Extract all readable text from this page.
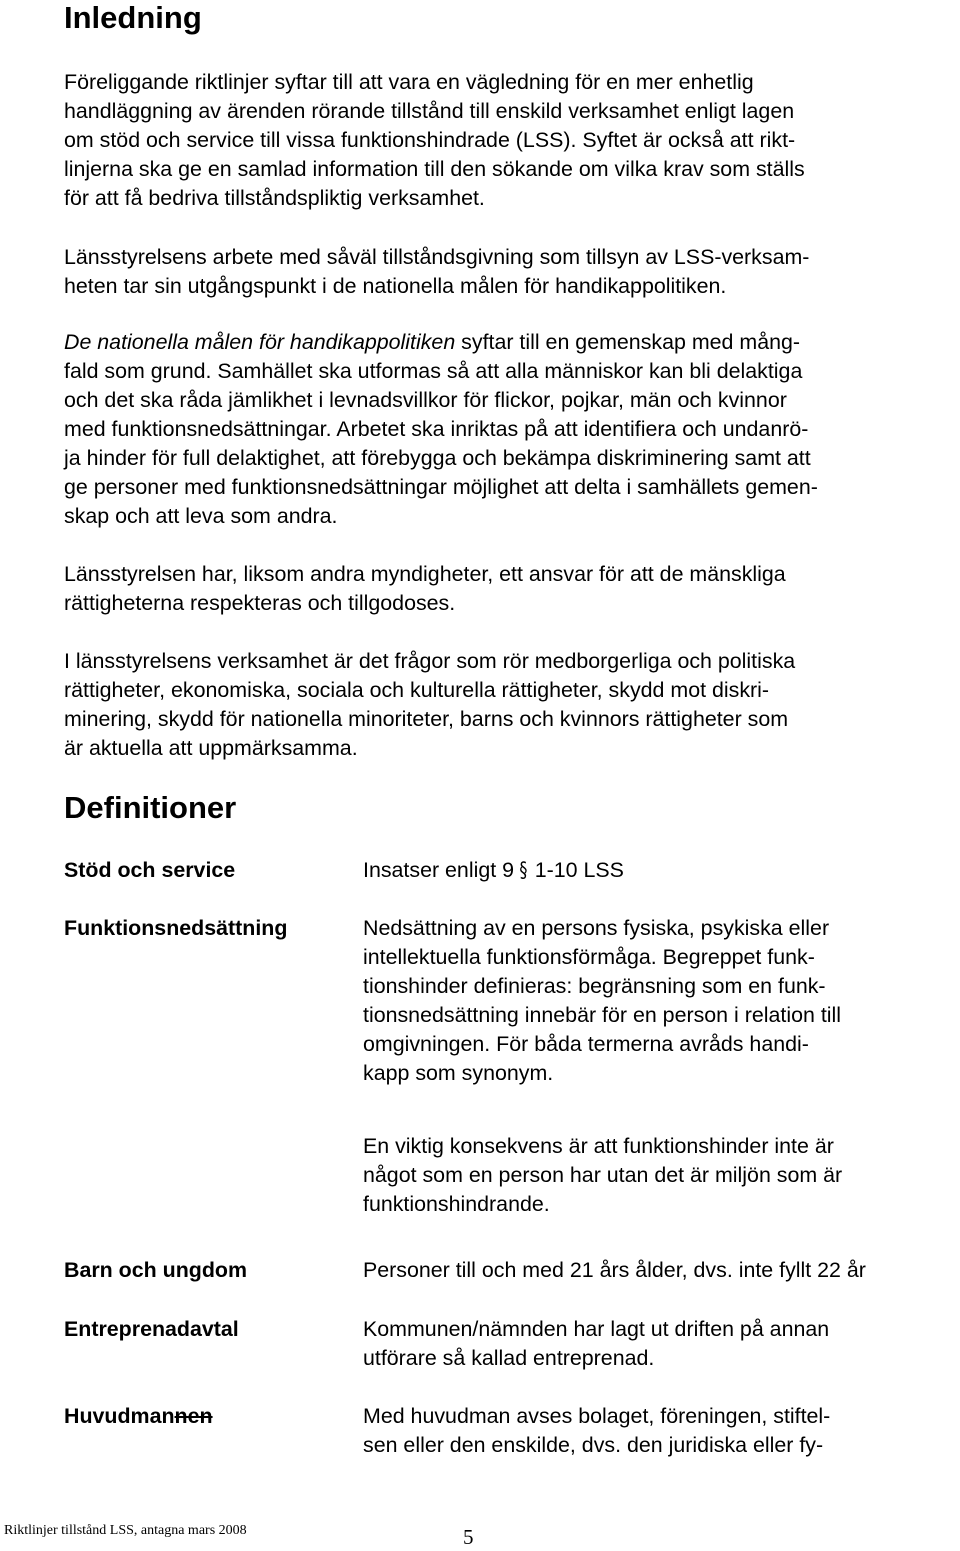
Inledning
Föreliggande riktlinjer syftar till att vara en vägledning för en mer enhetlig
handläggning av ärenden rörande tillstånd till enskild verksamhet enligt lagen
om stöd och service till vissa funktionshindrade (LSS). Syftet är också att rikt-
linjerna ska ge en samlad information till den sökande om vilka krav som ställs
för att få bedriva tillståndspliktig verksamhet.
Länsstyrelsens arbete med såväl tillståndsgivning som tillsyn av LSS-verksam-
heten tar sin utgångspunkt i de nationella målen för handikappolitiken.
De nationella målen för handikappolitiken syftar till en gemenskap med mång-
fald som grund. Samhället ska utformas så att alla människor kan bli delaktiga
och det ska råda jämlikhet i levnadsvillkor för flickor, pojkar, män och kvinnor
med funktionsnedsättningar. Arbetet ska inriktas på att identifiera och undanrö-
ja hinder för full delaktighet, att förebygga och bekämpa diskriminering samt att
ge personer med funktionsnedsättningar möjlighet att delta i samhällets gemen-
skap och att leva som andra.
Länsstyrelsen har, liksom andra myndigheter, ett ansvar för att de mänskliga
rättigheterna respekteras och tillgodoses.
I länsstyrelsens verksamhet är det frågor som rör medborgerliga och politiska
rättigheter, ekonomiska, sociala och kulturella rättigheter, skydd mot diskri-
minering, skydd för nationella minoriteter, barns och kvinnors rättigheter som
är aktuella att uppmärksamma.
Definitioner
Stöd och service	Insatser enligt 9 § 1-10 LSS
Funktionsnedsättning	Nedsättning av en persons fysiska, psykiska eller
intellektuella funktionsförmåga. Begreppet funk-
tionshinder definieras: begränsning som en funk-
tionsnedsättning innebär för en person i relation till
omgivningen. För båda termerna avråds handi-
kapp som synonym.
En viktig konsekvens är att funktionshinder inte är
något som en person har utan det är miljön som är
funktionshindrande.
Barn och ungdom	Personer till och med 21 års ålder, dvs. inte fyllt 22 år
Entreprenadavtal	Kommunen/nämnden har lagt ut driften på annan
utförare så kallad entreprenad.
Huvudmannen	Med huvudman avses bolaget, föreningen, stiftel-
sen eller den enskilde, dvs. den juridiska eller fy-
Riktlinjer tillstånd LSS, antagna mars 2008	5
